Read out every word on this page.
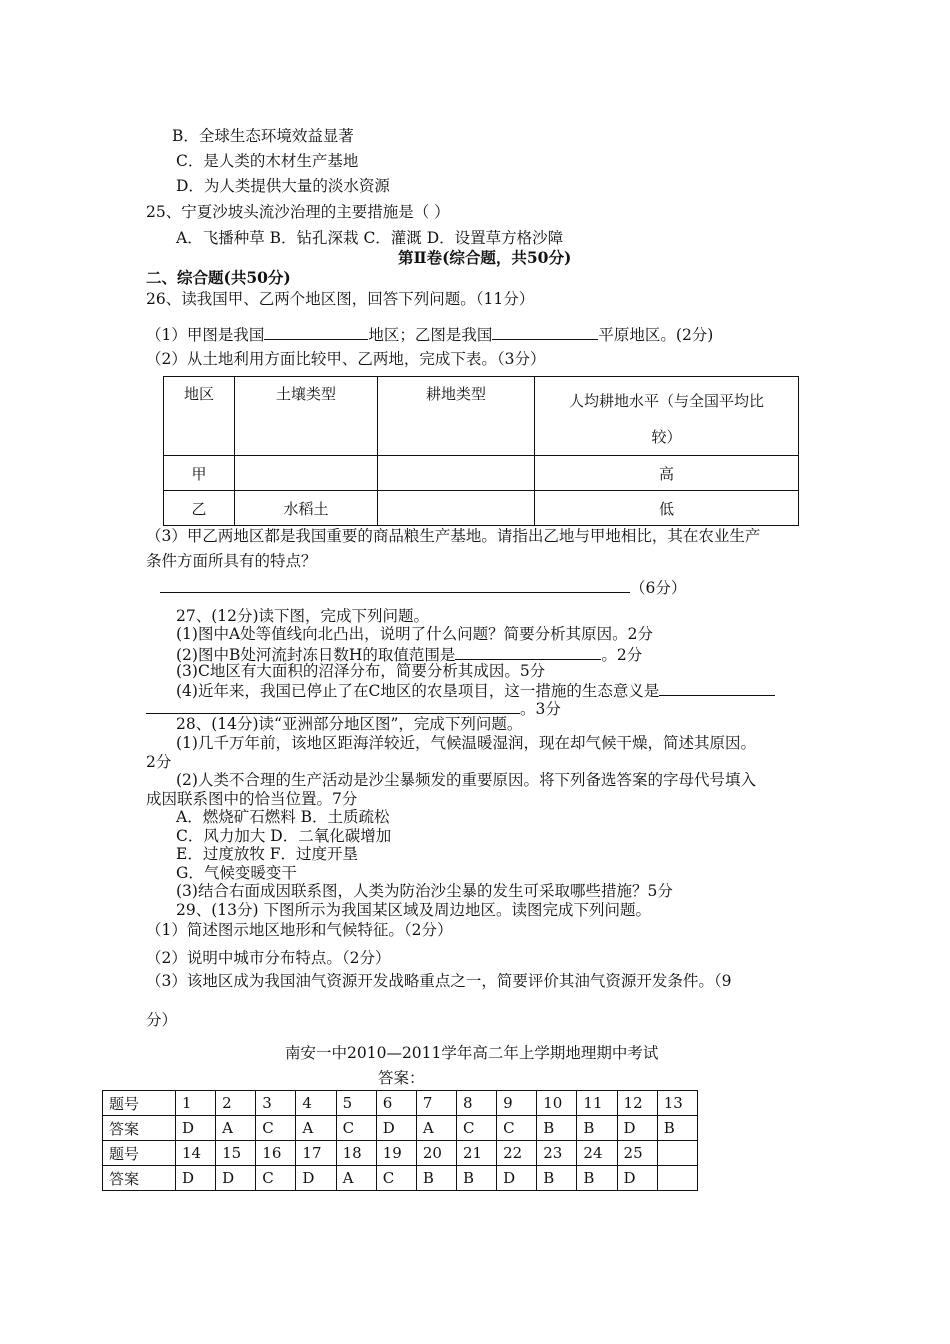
B．全球生态环境效益显著
C．是人类的木材生产基地
D．为人类提供大量的淡水资源
25、宁夏沙坡头流沙治理的主要措施是（ ）
A．飞播种草 B．钻孔深栽 C．灌溉 D．设置草方格沙障
第Ⅱ卷(综合题，共50分)
二、综合题(共50分)
26、读我国甲、乙两个地区图，回答下列问题。（11分）
（1）甲图是我国	地区；乙图是我国	平原地区。(2分)
（2）从土地利用方面比较甲、乙两地，完成下表。（3分）
地区	土壤类型	耕地类型	人均耕地水平（与全国平均比
较）

甲			高
乙	水稻土		低
（3）甲乙两地区都是我国重要的商品粮生产基地。请指出乙地与甲地相比，其在农业生产
条件方面所具有的特点？
（6分）
27、(12分)读下图，完成下列问题。
(1)图中A处等值线向北凸出，说明了什么问题？简要分析其原因。2分
(2)图中B处河流封冻日数H的取值范围是	。2分
(3)C地区有大面积的沼泽分布，简要分析其成因。5分
(4)近年来，我国已停止了在C地区的农垦项目，这一措施的生态意义是
。3分
28、(14分)读“亚洲部分地区图”，完成下列问题。
(1)几千万年前，该地区距海洋较近，气候温暖湿润，现在却气候干燥，简述其原因。
2分
(2)人类不合理的生产活动是沙尘暴频发的重要原因。将下列备选答案的字母代号填入
成因联系图中的恰当位置。7分
A．燃烧矿石燃料 B．土质疏松
C．风力加大 D．二氧化碳增加
E．过度放牧 F．过度开垦
G．气候变暖变干
(3)结合右面成因联系图，人类为防治沙尘暴的发生可采取哪些措施？5分
29、(13分) 下图所示为我国某区域及周边地区。读图完成下列问题。
（1）简述图示地区地形和气候特征。（2分）
（2）说明中城市分布特点。（2分）
（3）该地区成为我国油气资源开发战略重点之一，简要评价其油气资源开发条件。（9
分）
南安一中2010—2011学年高二年上学期地理期中考试
答案：
题号	1	2	3	4	5	6	7	8	9	10	11	12	13
答案	D	A	C	A	C	D	A	C	C	B	B	D	B
题号	14	15	16	17	18	19	20	21	22	23	24	25	
答案	D	D	C	D	A	C	B	B	D	B	B	D	
